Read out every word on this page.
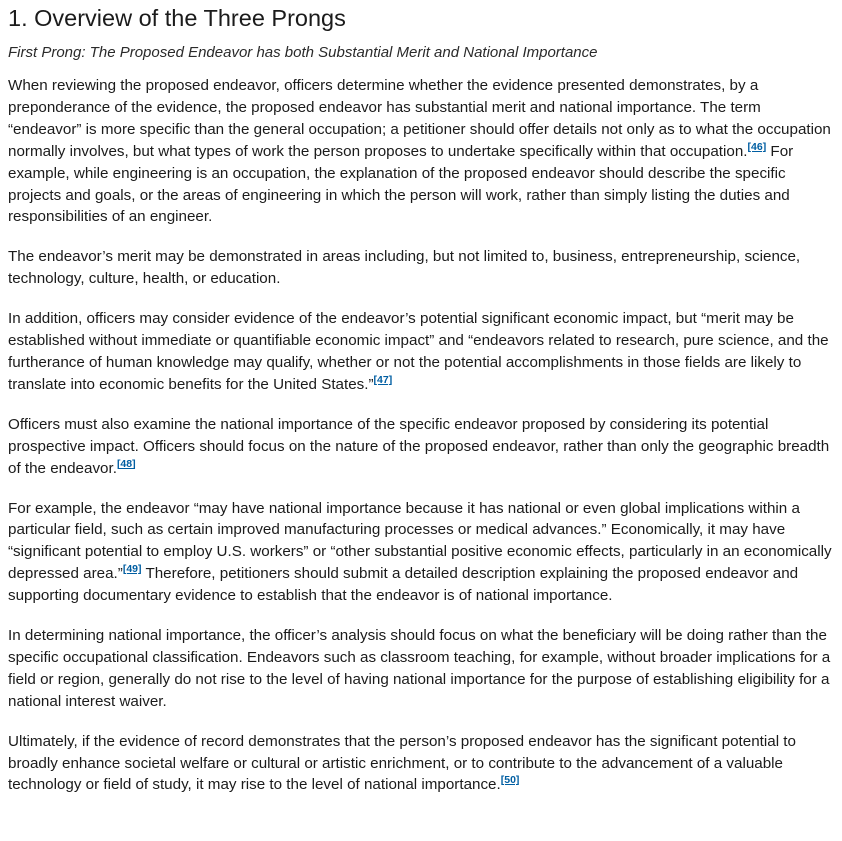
1. Overview of the Three Prongs
First Prong: The Proposed Endeavor has both Substantial Merit and National Importance

When reviewing the proposed endeavor, officers determine whether the evidence presented demonstrates, by a preponderance of the evidence, the proposed endeavor has substantial merit and national importance. The term “endeavor” is more specific than the general occupation; a petitioner should offer details not only as to what the occupation normally involves, but what types of work the person proposes to undertake specifically within that occupation.[46] For example, while engineering is an occupation, the explanation of the proposed endeavor should describe the specific projects and goals, or the areas of engineering in which the person will work, rather than simply listing the duties and responsibilities of an engineer.

The endeavor’s merit may be demonstrated in areas including, but not limited to, business, entrepreneurship, science, technology, culture, health, or education.

In addition, officers may consider evidence of the endeavor’s potential significant economic impact, but “merit may be established without immediate or quantifiable economic impact” and “endeavors related to research, pure science, and the furtherance of human knowledge may qualify, whether or not the potential accomplishments in those fields are likely to translate into economic benefits for the United States.”[47]

Officers must also examine the national importance of the specific endeavor proposed by considering its potential prospective impact. Officers should focus on the nature of the proposed endeavor, rather than only the geographic breadth of the endeavor.[48]

For example, the endeavor “may have national importance because it has national or even global implications within a particular field, such as certain improved manufacturing processes or medical advances.” Economically, it may have “significant potential to employ U.S. workers” or “other substantial positive economic effects, particularly in an economically depressed area.”[49] Therefore, petitioners should submit a detailed description explaining the proposed endeavor and supporting documentary evidence to establish that the endeavor is of national importance.

In determining national importance, the officer’s analysis should focus on what the beneficiary will be doing rather than the specific occupational classification. Endeavors such as classroom teaching, for example, without broader implications for a field or region, generally do not rise to the level of having national importance for the purpose of establishing eligibility for a national interest waiver.

Ultimately, if the evidence of record demonstrates that the person’s proposed endeavor has the significant potential to broadly enhance societal welfare or cultural or artistic enrichment, or to contribute to the advancement of a valuable technology or field of study, it may rise to the level of national importance.[50]
